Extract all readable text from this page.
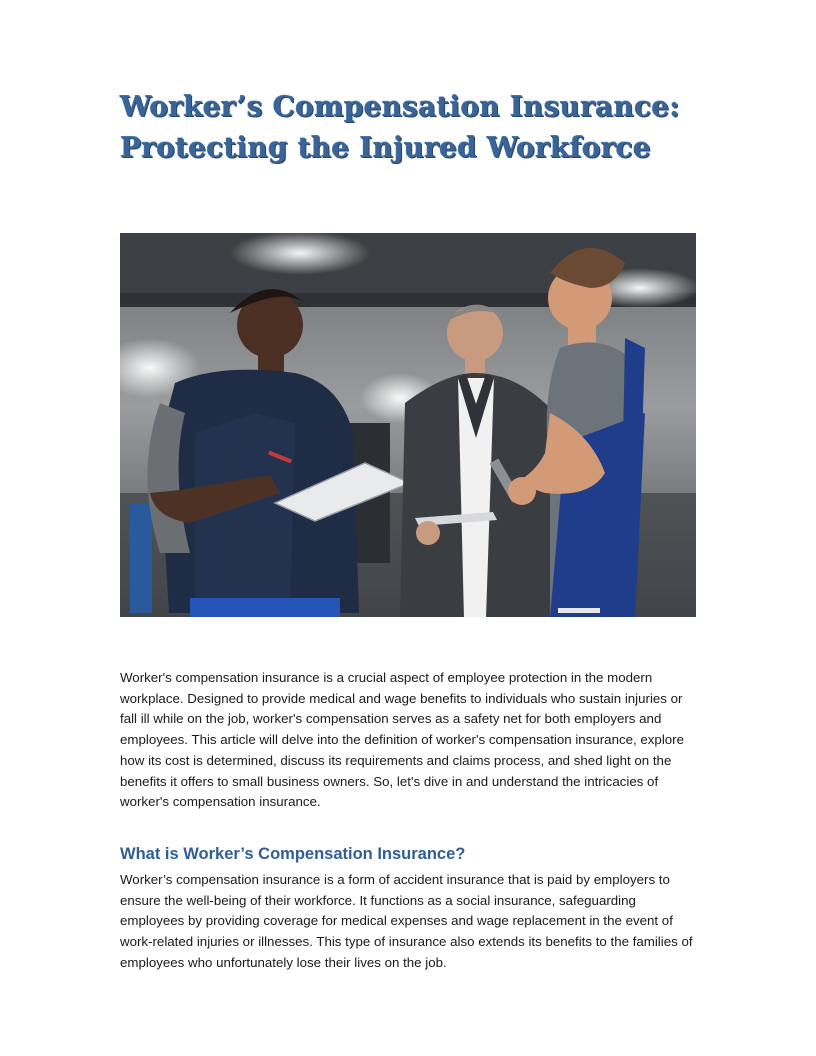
Worker’s Compensation Insurance:
Protecting the Injured Workforce

Worker's compensation insurance is a crucial aspect of employee protection in the modern workplace. Designed to provide medical and wage benefits to individuals who sustain injuries or fall ill while on the job, worker's compensation serves as a safety net for both employers and employees. This article will delve into the definition of worker's compensation insurance, explore how its cost is determined, discuss its requirements and claims process, and shed light on the benefits it offers to small business owners. So, let's dive in and understand the intricacies of worker's compensation insurance.

What is Worker’s Compensation Insurance?

Worker’s compensation insurance is a form of accident insurance that is paid by employers to ensure the well-being of their workforce. It functions as a social insurance, safeguarding employees by providing coverage for medical expenses and wage replacement in the event of work-related injuries or illnesses. This type of insurance also extends its benefits to the families of employees who unfortunately lose their lives on the job.
